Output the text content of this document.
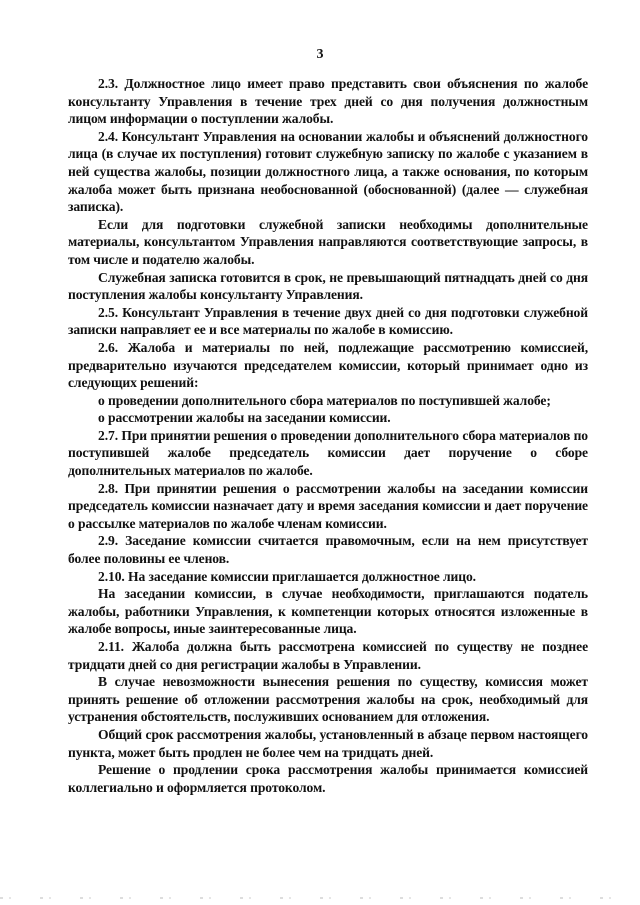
3

2.3. Должностное лицо имеет право представить свои объяснения по жалобе консультанту Управления в течение трех дней со дня получения должностным лицом информации о поступлении жалобы.

2.4. Консультант Управления на основании жалобы и объяснений должностного лица (в случае их поступления) готовит служебную записку по жалобе с указанием в ней существа жалобы, позиции должностного лица, а также основания, по которым жалоба может быть признана необоснованной (обоснованной) (далее — служебная записка).

Если для подготовки служебной записки необходимы дополнительные материалы, консультантом Управления направляются соответствующие запросы, в том числе и подателю жалобы.

Служебная записка готовится в срок, не превышающий пятнадцать дней со дня поступления жалобы консультанту Управления.

2.5. Консультант Управления в течение двух дней со дня подготовки служебной записки направляет ее и все материалы по жалобе в комиссию.

2.6. Жалоба и материалы по ней, подлежащие рассмотрению комиссией, предварительно изучаются председателем комиссии, который принимает одно из следующих решений:

о проведении дополнительного сбора материалов по поступившей жалобе;

о рассмотрении жалобы на заседании комиссии.

2.7. При принятии решения о проведении дополнительного сбора материалов по поступившей жалобе председатель комиссии дает поручение о сборе дополнительных материалов по жалобе.

2.8. При принятии решения о рассмотрении жалобы на заседании комиссии председатель комиссии назначает дату и время заседания комиссии и дает поручение о рассылке материалов по жалобе членам комиссии.

2.9. Заседание комиссии считается правомочным, если на нем присутствует более половины ее членов.

2.10. На заседание комиссии приглашается должностное лицо.

На заседании комиссии, в случае необходимости, приглашаются податель жалобы, работники Управления, к компетенции которых относятся изложенные в жалобе вопросы, иные заинтересованные лица.

2.11. Жалоба должна быть рассмотрена комиссией по существу не позднее тридцати дней со дня регистрации жалобы в Управлении.

В случае невозможности вынесения решения по существу, комиссия может принять решение об отложении рассмотрения жалобы на срок, необходимый для устранения обстоятельств, послуживших основанием для отложения.

Общий срок рассмотрения жалобы, установленный в абзаце первом настоящего пункта, может быть продлен не более чем на тридцать дней.

Решение о продлении срока рассмотрения жалобы принимается комиссией коллегиально и оформляется протоколом.
